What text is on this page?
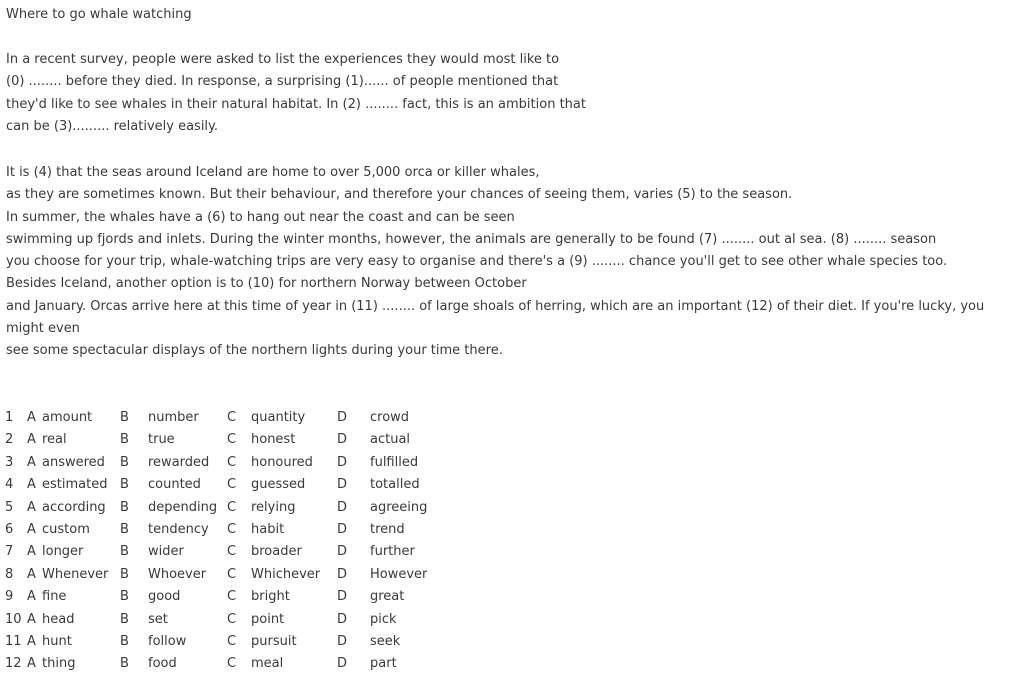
Where to go whale watching
In a recent survey, people were asked to list the experiences they would most like to
(0) ........ before they died. In response, a surprising (1)...... of people mentioned that
they'd like to see whales in their natural habitat. In (2) ........ fact, this is an ambition that
can be (3)......... relatively easily.
It is (4) that the seas around Iceland are home to over 5,000 orca or killer whales,
as they are sometimes known. But their behaviour, and therefore your chances of seeing them, varies (5) to the season.
In summer, the whales have a (6) to hang out near the coast and can be seen
swimming up fjords and inlets. During the winter months, however, the animals are generally to be found (7) ........ out al sea. (8) ........ season
you choose for your trip, whale-watching trips are very easy to organise and there's a (9) ........ chance you'll get to see other whale species too.
Besides Iceland, another option is to (10) for northern Norway between October
and January. Orcas arrive here at this time of year in (11) ........ of large shoals of herring, which are an important (12) of their diet. If you're lucky, you might even
see some spectacular displays of the northern lights during your time there.
1 A amount B number C quantity D crowd
2 A real	B true	C honest	D actual
3 A answered B rewarded C honoured D fulfilled
4 A estimated B counted C guessed D totalled
5 A according B depending C relying	D agreeing
6 A custom B tendency C habit	D trend
7 A longer	B wider	C broader	D further
8 A Whenever B Whoever C Whichever D However
9 A fine	B good	C bright	D great
10 A head	B set	C point	D pick
11 A hunt	B follow	C pursuit	D seek
12 A thing	B food	C meal	D part
